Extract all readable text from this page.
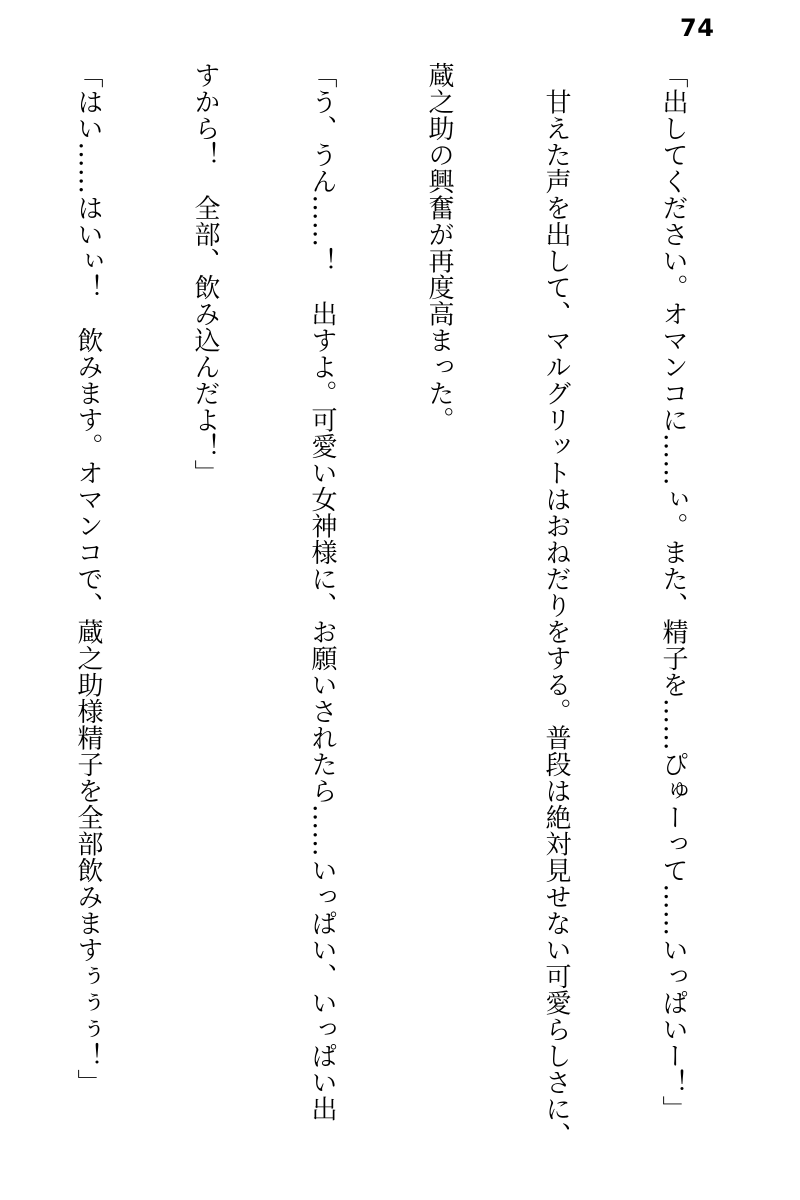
74

「出してください。オマンコに……ぃ。また、精子を……ぴゅーって……いっぱいー！」

　甘えた声を出して、マルグリットはおねだりをする。普段は絶対見せない可愛らしさに、

蔵之助の興奮が再度高まった。

「う、うん……！　出すよ。可愛い女神様に、お願いされたら……いっぱい、いっぱい出

すから！　全部、飲み込んだよ！」

「はい……はいぃ！　飲みます。オマンコで、蔵之助様精子を全部飲みますぅぅぅ！」
